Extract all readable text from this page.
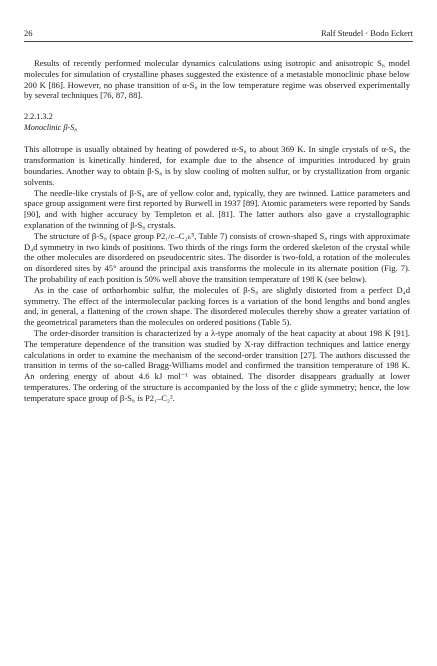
26	Ralf Steudel · Bodo Eckert

Results of recently performed molecular dynamics calculations using isotropic and anisotropic S₈ model molecules for simulation of crystalline phases suggested the existence of a metastable monoclinic phase below 200 K [86]. However, no phase transition of α-S₈ in the low temperature regime was observed experimentally by several techniques [76, 87, 88].

2.2.1.3.2
Monoclinic β-S₈

This allotrope is usually obtained by heating of powdered α-S₈ to about 369 K. In single crystals of α-S₈ the transformation is kinetically hindered, for example due to the absence of impurities introduced by grain boundaries. Another way to obtain β-S₈ is by slow cooling of molten sulfur, or by crystallization from organic solvents.

The needle-like crystals of β-S₈ are of yellow color and, typically, they are twinned. Lattice parameters and space group assignment were first reported by Burwell in 1937 [89]. Atomic parameters were reported by Sands [90], and with higher accuracy by Templeton et al. [81]. The latter authors also gave a crystallographic explanation of the twinning of β-S₈ crystals.

The structure of β-S₈ (space group P2₁/c–C₂ₕ⁵, Table 7) consists of crown-shaped S₈ rings with approximate D₄d symmetry in two kinds of positions. Two thirds of the rings form the ordered skeleton of the crystal while the other molecules are disordered on pseudocentric sites. The disorder is two-fold, a rotation of the molecules on disordered sites by 45° around the principal axis transforms the molecule in its alternate position (Fig. 7). The probability of each position is 50% well above the transition temperature of 198 K (see below).

As in the case of orthorhombic sulfur, the molecules of β-S₈ are slightly distorted from a perfect D₄d symmetry. The effect of the intermolecular packing forces is a variation of the bond lengths and bond angles and, in general, a flattening of the crown shape. The disordered molecules thereby show a greater variation of the geometrical parameters than the molecules on ordered positions (Table 5).

The order-disorder transition is characterized by a λ-type anomaly of the heat capacity at about 198 K [91]. The temperature dependence of the transition was studied by X-ray diffraction techniques and lattice energy calculations in order to examine the mechanism of the second-order transition [27]. The authors discussed the transition in terms of the so-called Bragg-Williams model and confirmed the transition temperature of 198 K. An ordering energy of about 4.6 kJ mol⁻¹ was obtained. The disorder disappears gradually at lower temperatures. The ordering of the structure is accompanied by the loss of the c glide symmetry; hence, the low temperature space group of β-S₈ is P2₁–C₂².
